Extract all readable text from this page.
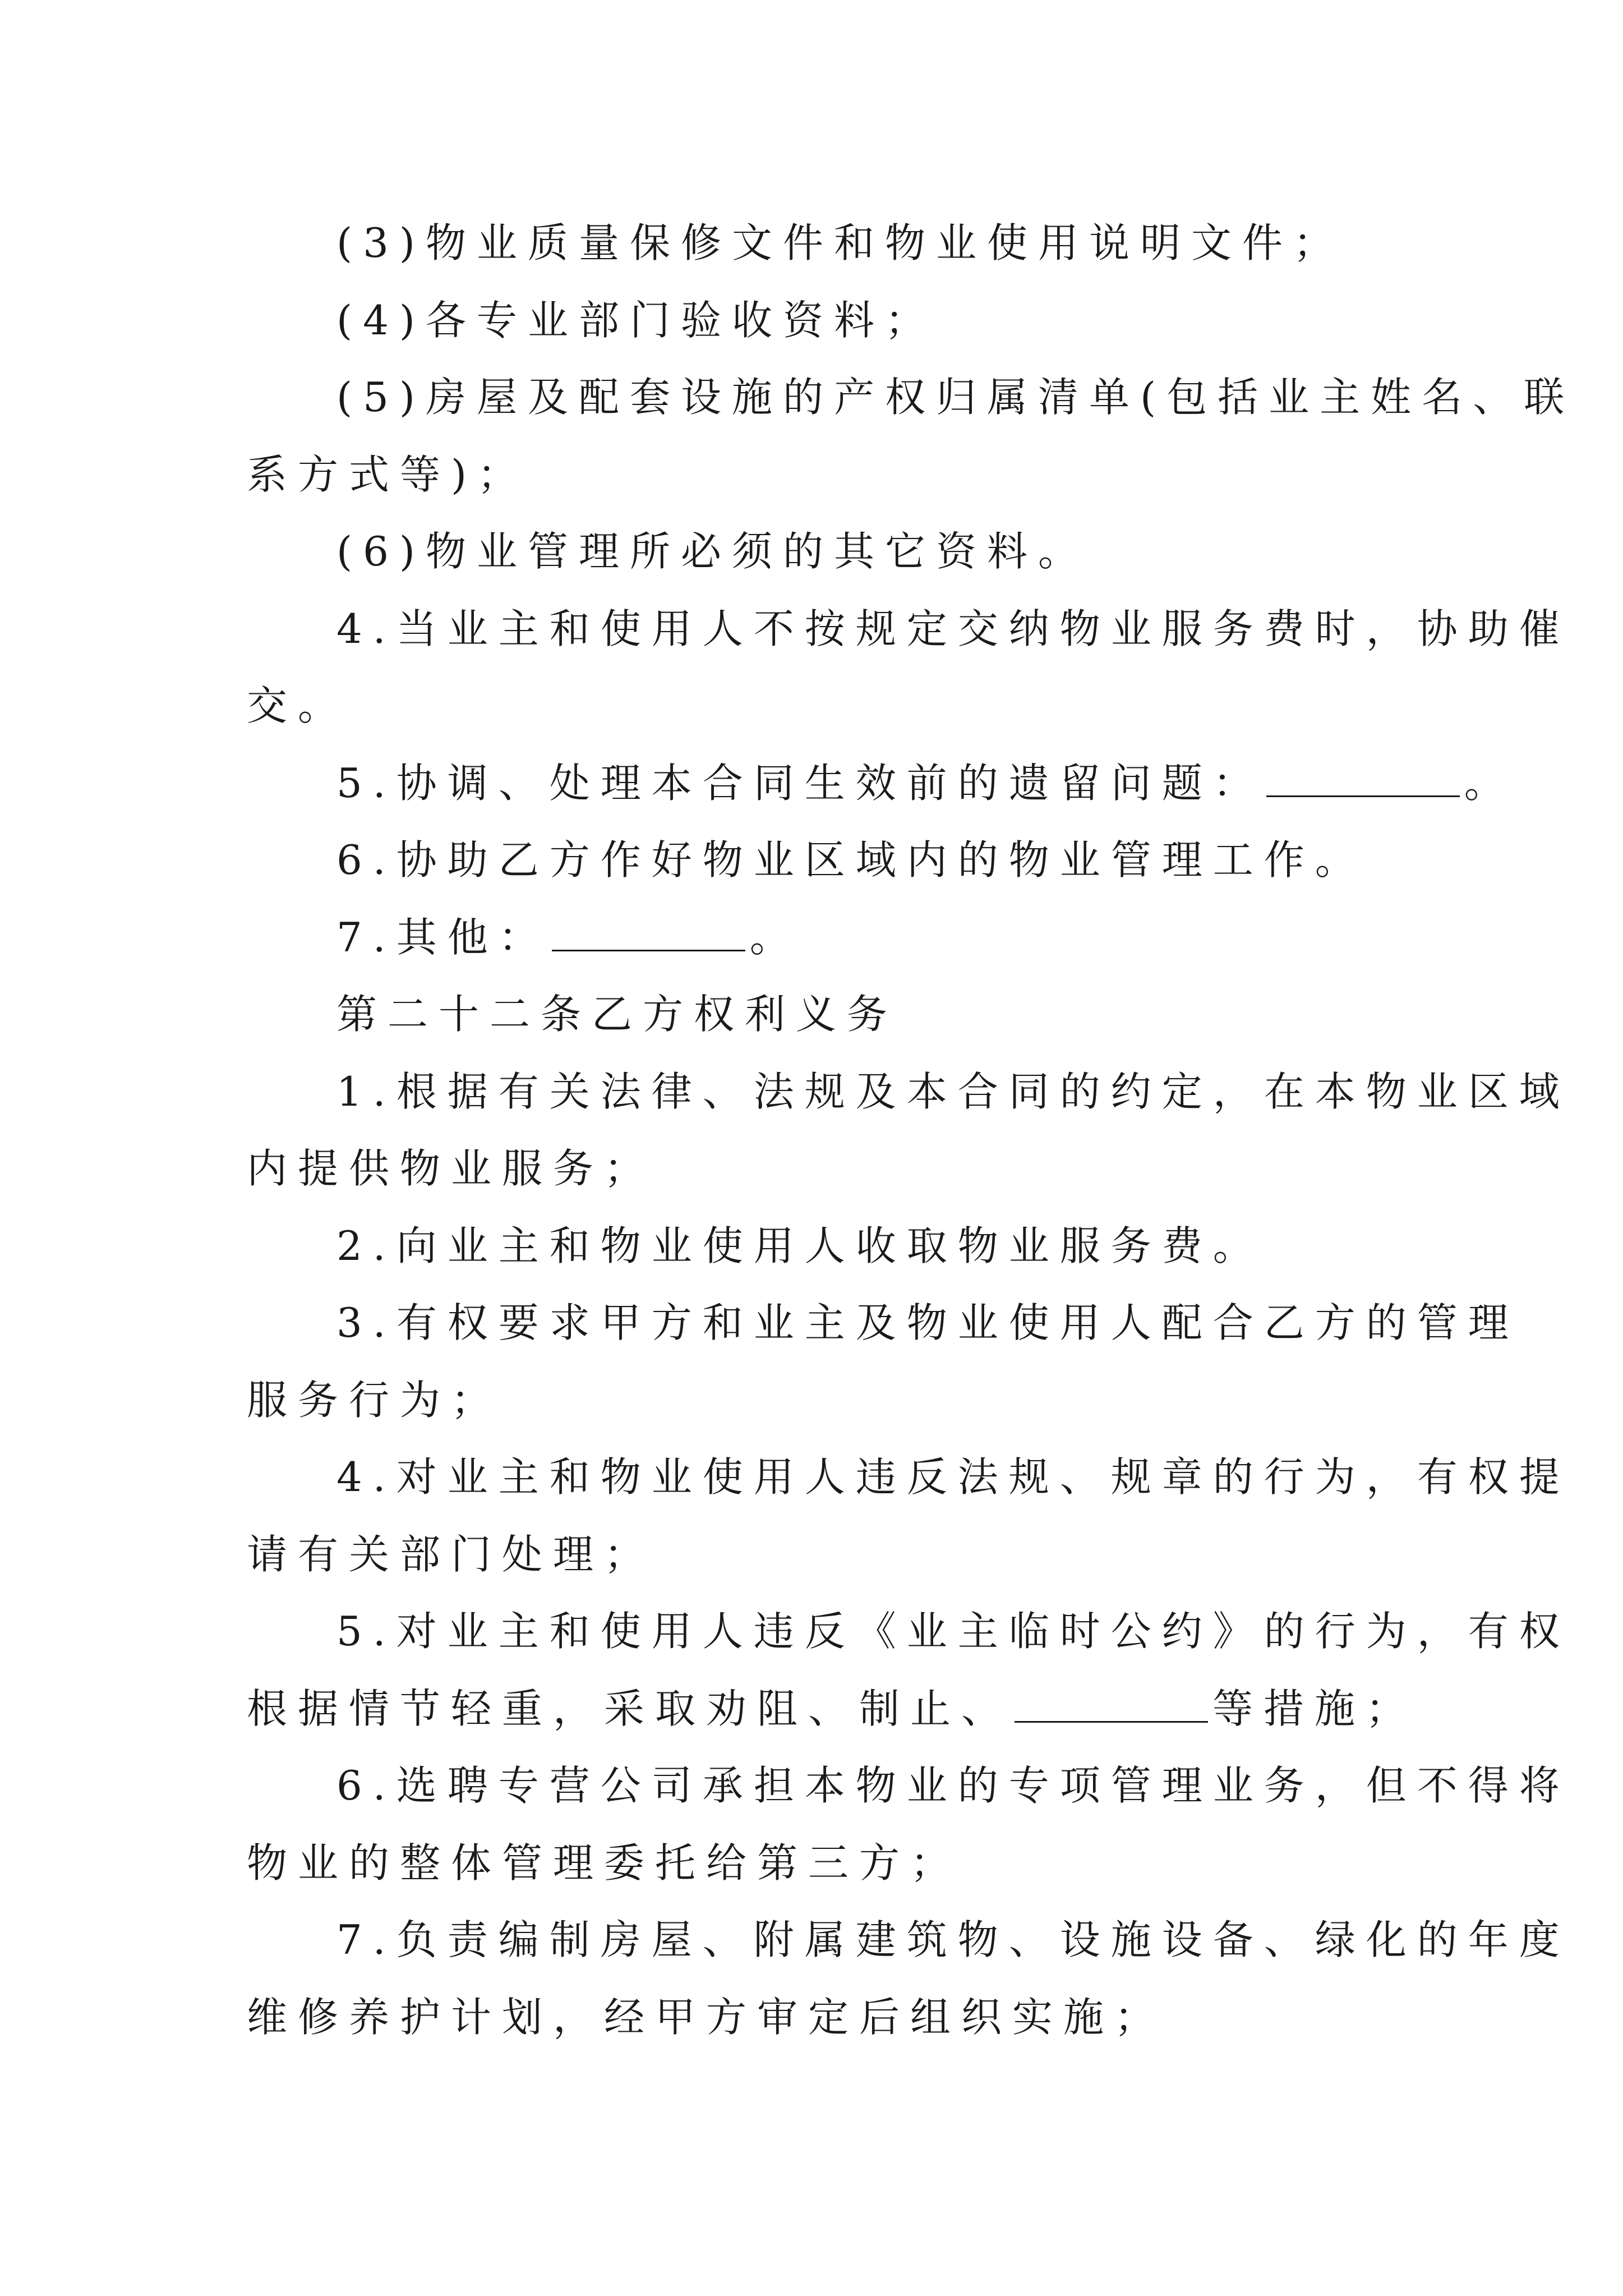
(3)物业质量保修文件和物业使用说明文件；

(4)各专业部门验收资料；

(5)房屋及配套设施的产权归属清单(包括业主姓名、联

系方式等)；

(6)物业管理所必须的其它资料。

4.当业主和使用人不按规定交纳物业服务费时，协助催

交。

5.协调、处理本合同生效前的遗留问题：	。

6.协助乙方作好物业区域内的物业管理工作。

7.其他：	。

第二十二条乙方权利义务

1.根据有关法律、法规及本合同的约定，在本物业区域

内提供物业服务；

2.向业主和物业使用人收取物业服务费。

3.有权要求甲方和业主及物业使用人配合乙方的管理

服务行为；

4.对业主和物业使用人违反法规、规章的行为，有权提

请有关部门处理；

5.对业主和使用人违反《业主临时公约》的行为，有权

根据情节轻重，采取劝阻、制止、	等措施；

6.选聘专营公司承担本物业的专项管理业务，但不得将

物业的整体管理委托给第三方；

7.负责编制房屋、附属建筑物、设施设备、绿化的年度

维修养护计划，经甲方审定后组织实施；
